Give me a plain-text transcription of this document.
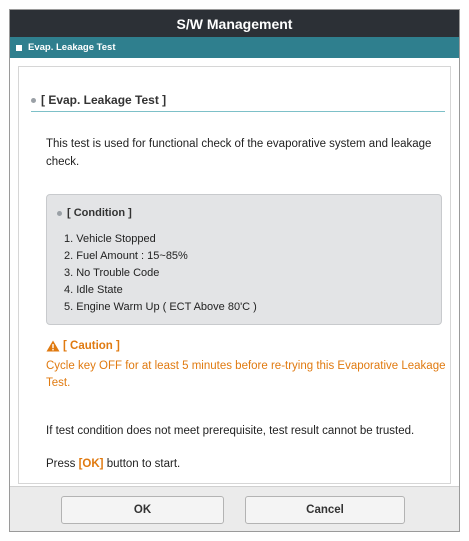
S/W Management
Evap. Leakage Test
[ Evap. Leakage Test ]
This test is used for functional check of the evaporative system and leakage check.
[ Condition ]
1. Vehicle Stopped
2. Fuel Amount : 15~85%
3. No Trouble Code
4. Idle State
5. Engine Warm Up ( ECT Above 80'C )
[ Caution ]
Cycle key OFF for at least 5 minutes before re-trying this Evaporative Leakage Test.
If test condition does not meet prerequisite, test result cannot be trusted.
Press [OK] button to start.
OK	Cancel
